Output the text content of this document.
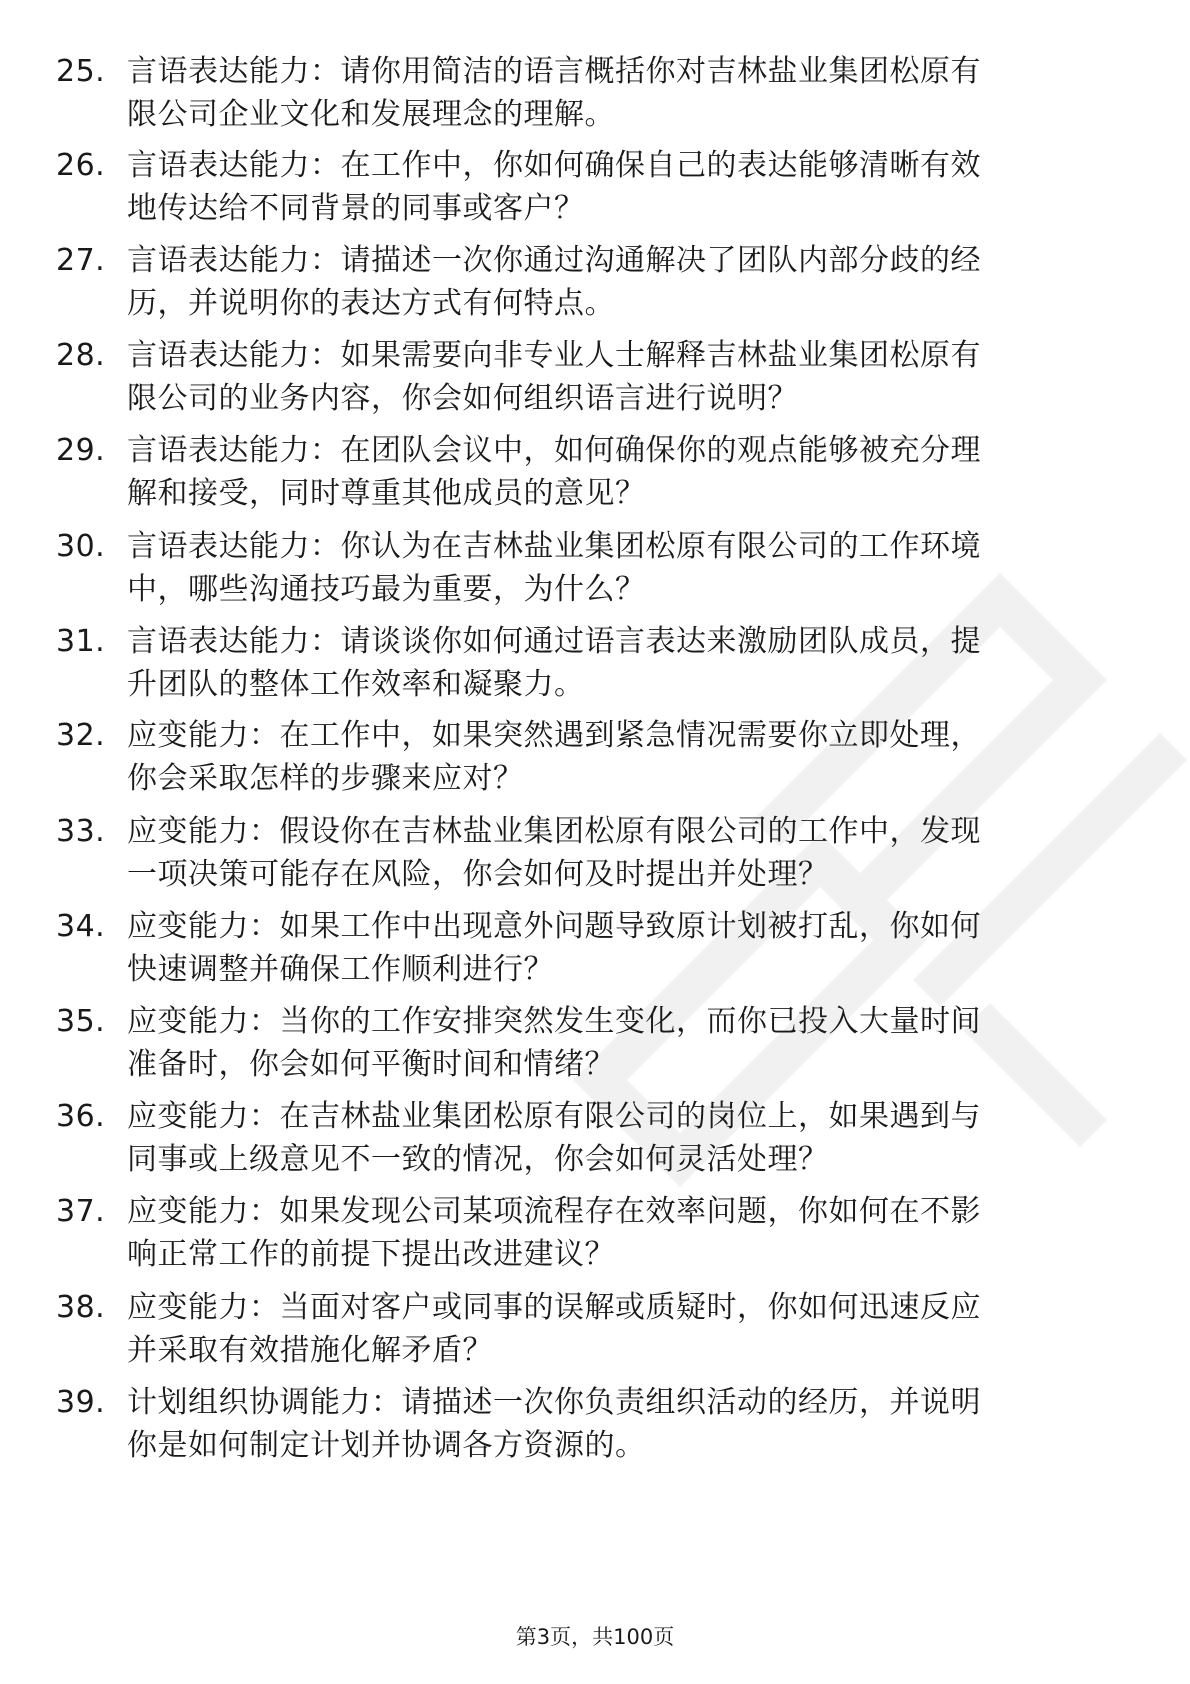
25. 言语表达能力：请你用简洁的语言概括你对吉林盐业集团松原有
限公司企业文化和发展理念的理解。
26. 言语表达能力：在工作中，你如何确保自己的表达能够清晰有效
地传达给不同背景的同事或客户？
27. 言语表达能力：请描述一次你通过沟通解决了团队内部分歧的经
历，并说明你的表达方式有何特点。
28. 言语表达能力：如果需要向非专业人士解释吉林盐业集团松原有
限公司的业务内容，你会如何组织语言进行说明？
29. 言语表达能力：在团队会议中，如何确保你的观点能够被充分理
解和接受，同时尊重其他成员的意见？
30. 言语表达能力：你认为在吉林盐业集团松原有限公司的工作环境
中，哪些沟通技巧最为重要，为什么？
31. 言语表达能力：请谈谈你如何通过语言表达来激励团队成员，提
升团队的整体工作效率和凝聚力。
32. 应变能力：在工作中，如果突然遇到紧急情况需要你立即处理，
你会采取怎样的步骤来应对？
33. 应变能力：假设你在吉林盐业集团松原有限公司的工作中，发现
一项决策可能存在风险，你会如何及时提出并处理？
34. 应变能力：如果工作中出现意外问题导致原计划被打乱，你如何
快速调整并确保工作顺利进行？
35. 应变能力：当你的工作安排突然发生变化，而你已投入大量时间
准备时，你会如何平衡时间和情绪？
36. 应变能力：在吉林盐业集团松原有限公司的岗位上，如果遇到与
同事或上级意见不一致的情况，你会如何灵活处理？
37. 应变能力：如果发现公司某项流程存在效率问题，你如何在不影
响正常工作的前提下提出改进建议？
38. 应变能力：当面对客户或同事的误解或质疑时，你如何迅速反应
并采取有效措施化解矛盾？
39. 计划组织协调能力：请描述一次你负责组织活动的经历，并说明
你是如何制定计划并协调各方资源的。
第3页，共100页
